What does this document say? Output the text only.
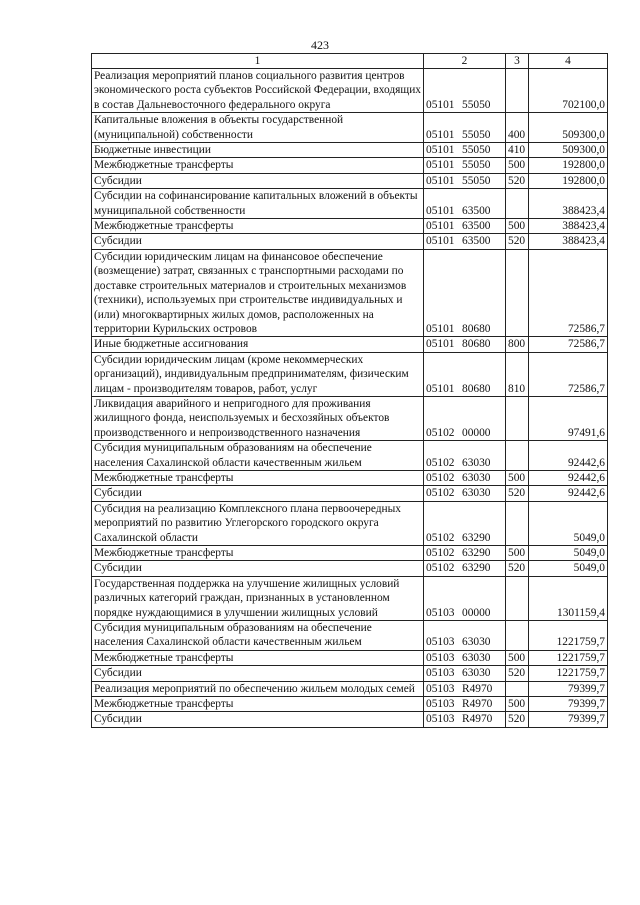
423
1	2	3	4
Реализация мероприятий планов социального развития центров экономического роста субъектов Российской Федерации, входящих в состав Дальневосточного федерального округа	05101 55050		702100,0
Капитальные вложения в объекты государственной (муниципальной) собственности	05101 55050	400	509300,0
Бюджетные инвестиции	05101 55050	410	509300,0
Межбюджетные трансферты	05101 55050	500	192800,0
Субсидии	05101 55050	520	192800,0
Субсидии на софинансирование капитальных вложений в объекты муниципальной собственности	05101 63500		388423,4
Межбюджетные трансферты	05101 63500	500	388423,4
Субсидии	05101 63500	520	388423,4
Субсидии юридическим лицам на финансовое обеспечение (возмещение) затрат, связанных с транспортными расходами по доставке строительных материалов и строительных механизмов (техники), используемых при строительстве индивидуальных и (или) многоквартирных жилых домов, расположенных на территории Курильских островов	05101 80680		72586,7
Иные бюджетные ассигнования	05101 80680	800	72586,7
Субсидии юридическим лицам (кроме некоммерческих организаций), индивидуальным предпринимателям, физическим лицам - производителям товаров, работ, услуг	05101 80680	810	72586,7
Ликвидация аварийного и непригодного для проживания жилищного фонда, неиспользуемых и бесхозяйных объектов производственного и непроизводственного назначения	05102 00000		97491,6
Субсидия муниципальным образованиям на обеспечение населения Сахалинской области качественным жильем	05102 63030		92442,6
Межбюджетные трансферты	05102 63030	500	92442,6
Субсидии	05102 63030	520	92442,6
Субсидия на реализацию Комплексного плана первоочередных мероприятий по развитию Углегорского городского округа Сахалинской области	05102 63290		5049,0
Межбюджетные трансферты	05102 63290	500	5049,0
Субсидии	05102 63290	520	5049,0
Государственная поддержка на улучшение жилищных условий различных категорий граждан, признанных в установленном порядке нуждающимися в улучшении жилищных условий	05103 00000		1301159,4
Субсидия муниципальным образованиям на обеспечение населения Сахалинской области качественным жильем	05103 63030		1221759,7
Межбюджетные трансферты	05103 63030	500	1221759,7
Субсидии	05103 63030	520	1221759,7
Реализация мероприятий по обеспечению жильем молодых семей	05103 R4970		79399,7
Межбюджетные трансферты	05103 R4970	500	79399,7
Субсидии	05103 R4970	520	79399,7
